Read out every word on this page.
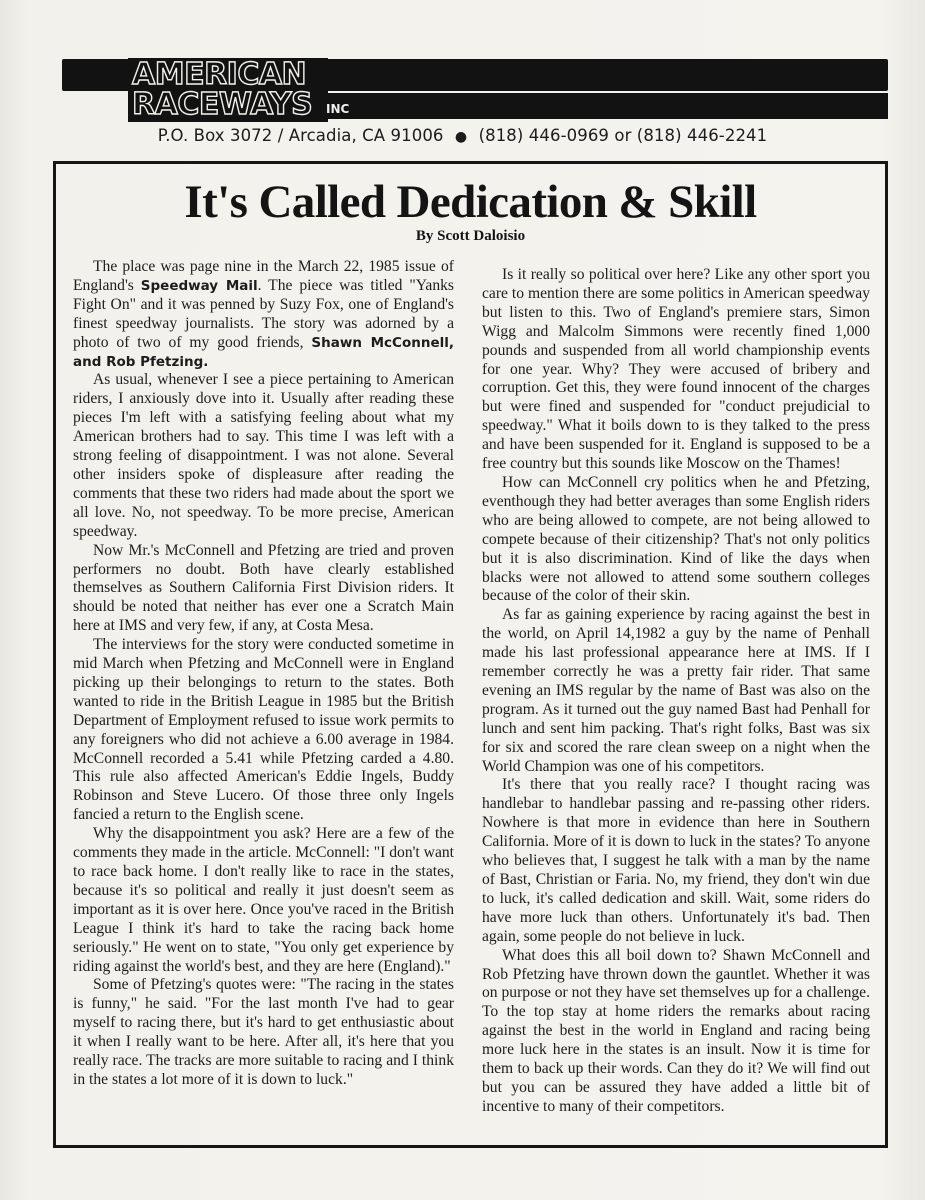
AMERICAN
RACEWAYS INC
P.O. Box 3072 / Arcadia, CA 91006 ● (818) 446-0969 or (818) 446-2241
It's Called Dedication & Skill
By Scott Daloisio

The place was page nine in the March 22, 1985 issue of England's Speedway Mail. The piece was titled "Yanks Fight On" and it was penned by Suzy Fox, one of England's finest speedway journalists. The story was adorned by a photo of two of my good friends, Shawn McConnell, and Rob Pfetzing.

As usual, whenever I see a piece pertaining to American riders, I anxiously dove into it. Usually after reading these pieces I'm left with a satisfying feeling about what my American brothers had to say. This time I was left with a strong feeling of disappointment. I was not alone. Several other insiders spoke of displeasure after reading the comments that these two riders had made about the sport we all love. No, not speedway. To be more precise, American speedway.

Now Mr.'s McConnell and Pfetzing are tried and proven performers no doubt. Both have clearly established themselves as Southern California First Division riders. It should be noted that neither has ever one a Scratch Main here at IMS and very few, if any, at Costa Mesa.

The interviews for the story were conducted sometime in mid March when Pfetzing and McConnell were in England picking up their belongings to return to the states. Both wanted to ride in the British League in 1985 but the British Department of Employment refused to issue work permits to any foreigners who did not achieve a 6.00 average in 1984. McConnell recorded a 5.41 while Pfetzing carded a 4.80. This rule also affected American's Eddie Ingels, Buddy Robinson and Steve Lucero. Of those three only Ingels fancied a return to the English scene.

Why the disappointment you ask? Here are a few of the comments they made in the article. McConnell: "I don't want to race back home. I don't really like to race in the states, because it's so political and really it just doesn't seem as important as it is over here. Once you've raced in the British League I think it's hard to take the racing back home seriously." He went on to state, "You only get experience by riding against the world's best, and they are here (England)."

Some of Pfetzing's quotes were: "The racing in the states is funny," he said. "For the last month I've had to gear myself to racing there, but it's hard to get enthusiastic about it when I really want to be here. After all, it's here that you really race. The tracks are more suitable to racing and I think in the states a lot more of it is down to luck."

Is it really so political over here? Like any other sport you care to mention there are some politics in American speedway but listen to this. Two of England's premiere stars, Simon Wigg and Malcolm Simmons were recently fined 1,000 pounds and suspended from all world championship events for one year. Why? They were accused of bribery and corruption. Get this, they were found innocent of the charges but were fined and suspended for "conduct prejudicial to speedway." What it boils down to is they talked to the press and have been suspended for it. England is supposed to be a free country but this sounds like Moscow on the Thames!

How can McConnell cry politics when he and Pfetzing, eventhough they had better averages than some English riders who are being allowed to compete, are not being allowed to compete because of their citizenship? That's not only politics but it is also discrimination. Kind of like the days when blacks were not allowed to attend some southern colleges because of the color of their skin.

As far as gaining experience by racing against the best in the world, on April 14,1982 a guy by the name of Penhall made his last professional appearance here at IMS. If I remember correctly he was a pretty fair rider. That same evening an IMS regular by the name of Bast was also on the program. As it turned out the guy named Bast had Penhall for lunch and sent him packing. That's right folks, Bast was six for six and scored the rare clean sweep on a night when the World Champion was one of his competitors.

It's there that you really race? I thought racing was handlebar to handlebar passing and re-passing other riders. Nowhere is that more in evidence than here in Southern California. More of it is down to luck in the states? To anyone who believes that, I suggest he talk with a man by the name of Bast, Christian or Faria. No, my friend, they don't win due to luck, it's called dedication and skill. Wait, some riders do have more luck than others. Unfortunately it's bad. Then again, some people do not believe in luck.

What does this all boil down to? Shawn McConnell and Rob Pfetzing have thrown down the gauntlet. Whether it was on purpose or not they have set themselves up for a challenge. To the top stay at home riders the remarks about racing against the best in the world in England and racing being more luck here in the states is an insult. Now it is time for them to back up their words. Can they do it? We will find out but you can be assured they have added a little bit of incentive to many of their competitors.
